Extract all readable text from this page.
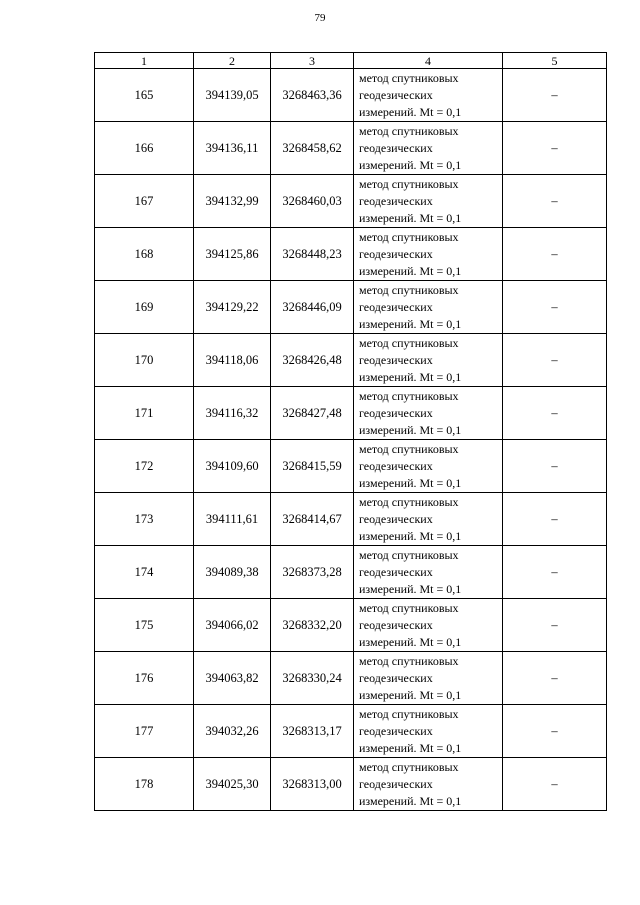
79
1	2	3	4	5
165	394139,05	3268463,36	метод спутниковых
геодезических
измерений. Mt = 0,1	–
166	394136,11	3268458,62	метод спутниковых
геодезических
измерений. Mt = 0,1	–
167	394132,99	3268460,03	метод спутниковых
геодезических
измерений. Mt = 0,1	–
168	394125,86	3268448,23	метод спутниковых
геодезических
измерений. Mt = 0,1	–
169	394129,22	3268446,09	метод спутниковых
геодезических
измерений. Mt = 0,1	–
170	394118,06	3268426,48	метод спутниковых
геодезических
измерений. Mt = 0,1	–
171	394116,32	3268427,48	метод спутниковых
геодезических
измерений. Mt = 0,1	–
172	394109,60	3268415,59	метод спутниковых
геодезических
измерений. Mt = 0,1	–
173	394111,61	3268414,67	метод спутниковых
геодезических
измерений. Mt = 0,1	–
174	394089,38	3268373,28	метод спутниковых
геодезических
измерений. Mt = 0,1	–
175	394066,02	3268332,20	метод спутниковых
геодезических
измерений. Mt = 0,1	–
176	394063,82	3268330,24	метод спутниковых
геодезических
измерений. Mt = 0,1	–
177	394032,26	3268313,17	метод спутниковых
геодезических
измерений. Mt = 0,1	–
178	394025,30	3268313,00	метод спутниковых
геодезических
измерений. Mt = 0,1	–
